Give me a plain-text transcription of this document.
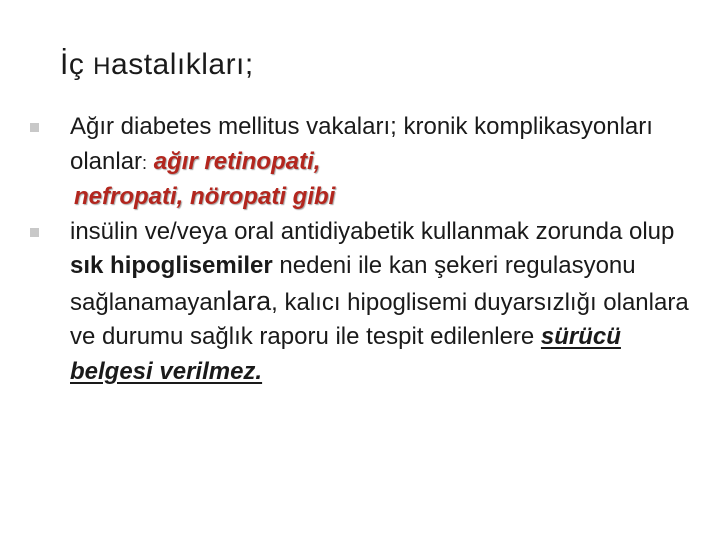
İç Hastalıkları;
Ağır diabetes mellitus vakaları; kronik komplikasyonları olanlar: ağır retinopati,
nefropati, nöropati gibi
insülin ve/veya oral antidiyabetik kullanmak zorunda olup sık hipoglisemiler nedeni ile kan şekeri regulasyonu sağlanamayanlara, kalıcı hipoglisemi duyarsızlığı olanlara ve durumu sağlık raporu ile tespit edilenlere sürücü belgesi verilmez.
